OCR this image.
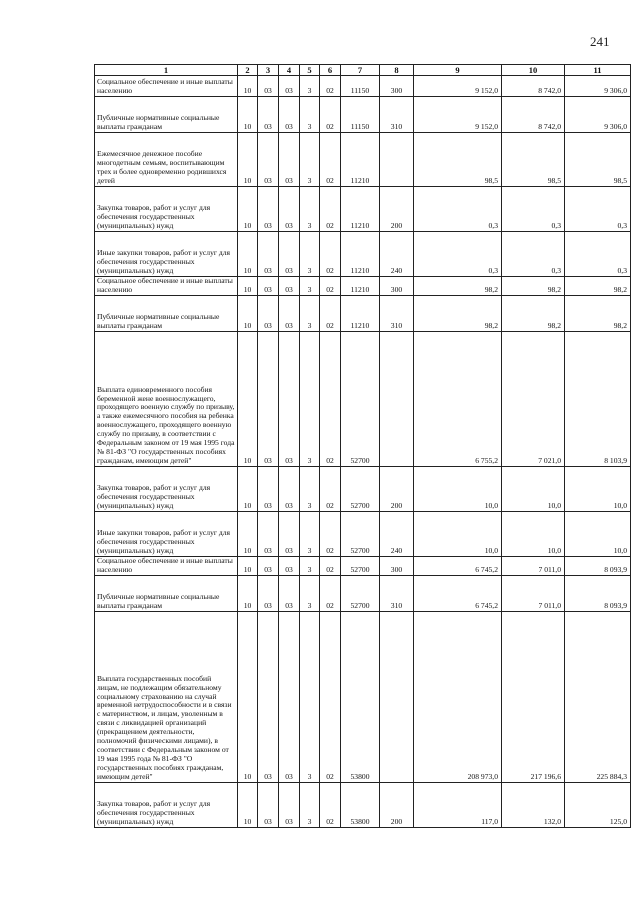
241
1	2	3	4	5	6	7	8	9	10	11
Социальное обеспечение и иные выплаты населению	10	03	03	3	02	11150	300	9 152,0	8 742,0	9 306,0
Публичные нормативные социальные выплаты гражданам	10	03	03	3	02	11150	310	9 152,0	8 742,0	9 306,0
Ежемесячное денежное пособие многодетным семьям, воспитывающим трех и более одновременно родившихся детей	10	03	03	3	02	11210		98,5	98,5	98,5
Закупка товаров, работ и услуг для обеспечения государственных (муниципальных) нужд	10	03	03	3	02	11210	200	0,3	0,3	0,3
Иные закупки товаров, работ и услуг для обеспечения государственных (муниципальных) нужд	10	03	03	3	02	11210	240	0,3	0,3	0,3
Социальное обеспечение и иные выплаты населению	10	03	03	3	02	11210	300	98,2	98,2	98,2
Публичные нормативные социальные выплаты гражданам	10	03	03	3	02	11210	310	98,2	98,2	98,2
Выплата единовременного пособия беременной жене военнослужащего, проходящего военную службу по призыву, а также ежемесячного пособия на ребенка военнослужащего, проходящего военную службу по призыву, в соответствии с Федеральным законом от 19 мая 1995 года № 81-ФЗ "О государственных пособиях гражданам, имеющим детей"	10	03	03	3	02	52700		6 755,2	7 021,0	8 103,9
Закупка товаров, работ и услуг для обеспечения государственных (муниципальных) нужд	10	03	03	3	02	52700	200	10,0	10,0	10,0
Иные закупки товаров, работ и услуг для обеспечения государственных (муниципальных) нужд	10	03	03	3	02	52700	240	10,0	10,0	10,0
Социальное обеспечение и иные выплаты населению	10	03	03	3	02	52700	300	6 745,2	7 011,0	8 093,9
Публичные нормативные социальные выплаты гражданам	10	03	03	3	02	52700	310	6 745,2	7 011,0	8 093,9
Выплата государственных пособий лицам, не подлежащим обязательному социальному страхованию на случай временной нетрудоспособности и в связи с материнством, и лицам, уволенным в связи с ликвидацией организаций (прекращением деятельности, полномочий физическими лицами), в соответствии с Федеральным законом от 19 мая 1995 года № 81-ФЗ "О государственных пособиях гражданам, имеющим детей"	10	03	03	3	02	53800		208 973,0	217 196,6	225 884,3
Закупка товаров, работ и услуг для обеспечения государственных (муниципальных) нужд	10	03	03	3	02	53800	200	117,0	132,0	125,0
